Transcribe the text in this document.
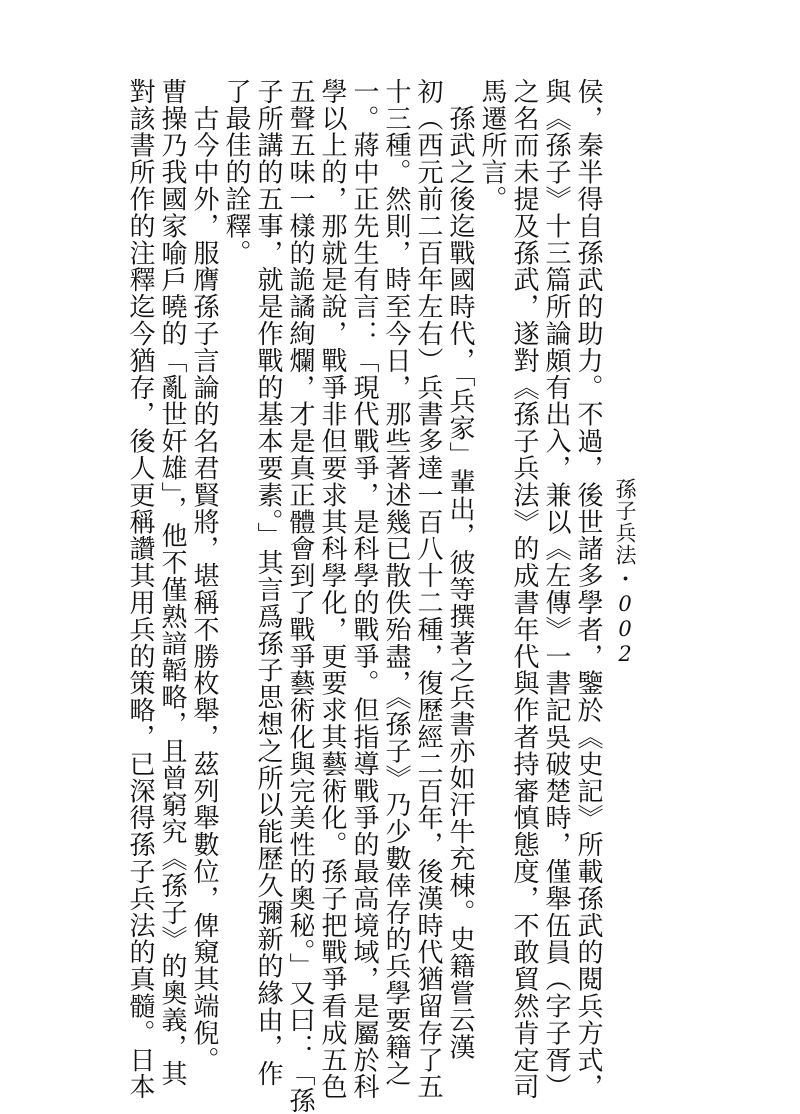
孫子兵法·002
侯，秦半得自孫武的助力。不過，後世諸多學者，鑒於《史記》所載孫武的閱兵方式，
與《孫子》十三篇所論頗有出入，兼以《左傳》一書記吳破楚時，僅舉伍員（字子胥）
之名而未提及孫武，遂對《孫子兵法》的成書年代與作者持審慎態度，不敢貿然肯定司
馬遷所言。
　孫武之後迄戰國時代，「兵家」輩出，彼等撰著之兵書亦如汗牛充棟。史籍嘗云漢
初（西元前二百年左右）兵書多達一百八十二種，復歷經二百年，後漢時代猶留存了五
十三種。然則，時至今日，那些著述幾已散佚殆盡，《孫子》乃少數倖存的兵學要籍之
一。蔣中正先生有言：「現代戰爭，是科學的戰爭。但指導戰爭的最高境域，是屬於科
學以上的，那就是說，戰爭非但要求其科學化，更要求其藝術化。孫子把戰爭看成五色
五聲五味一樣的詭譎絢爛，才是真正體會到了戰爭藝術化與完美性的奧秘。」又曰：「孫
子所講的五事，就是作戰的基本要素。」其言爲孫子思想之所以能歷久彌新的緣由，作
了最佳的詮釋。
　古今中外，服膺孫子言論的名君賢將，堪稱不勝枚舉，茲列舉數位，俾窺其端倪。
曹操乃我國家喻戶曉的「亂世奸雄」，他不僅熟諳韜略，且曾窮究《孫子》的奧義，其
對該書所作的注釋迄今猶存，後人更稱讚其用兵的策略，已深得孫子兵法的真髓。日本
